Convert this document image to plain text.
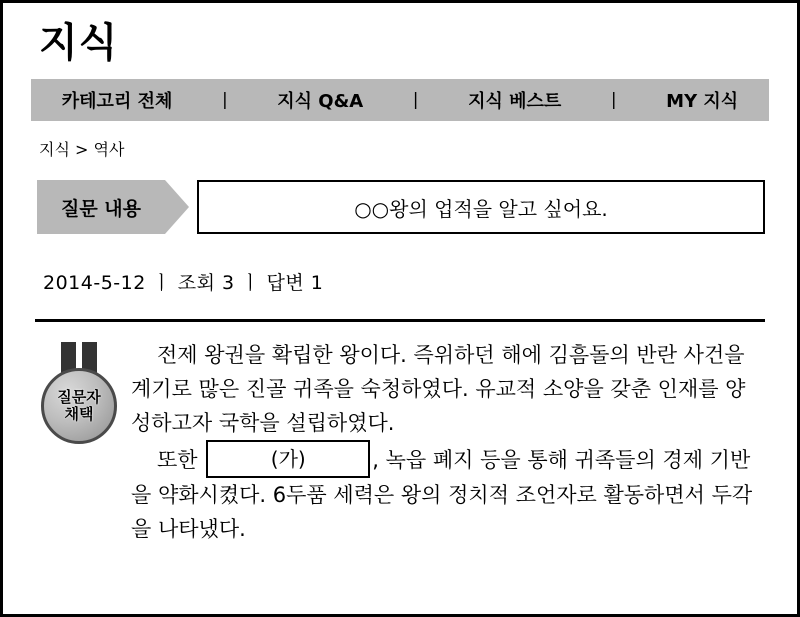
지식
카테고리 전체	|	지식 Q&A	|	지식 베스트	|	MY 지식
지식 > 역사
질문 내용	○○왕의 업적을 알고 싶어요.
2014-5-12 ㅣ 조회 3 ㅣ 답변 1
질문자
채택

전제 왕권을 확립한 왕이다. 즉위하던 해에 김흠돌의 반란 사건을 계기로 많은 진골 귀족을 숙청하였다. 유교적 소양을 갖춘 인재를 양성하고자 국학을 설립하였다.

또한	(가)	, 녹읍 폐지 등을 통해 귀족들의 경제 기반을 약화시켰다. 6두품 세력은 왕의 정치적 조언자로 활동하면서 두각을 나타냈다.
